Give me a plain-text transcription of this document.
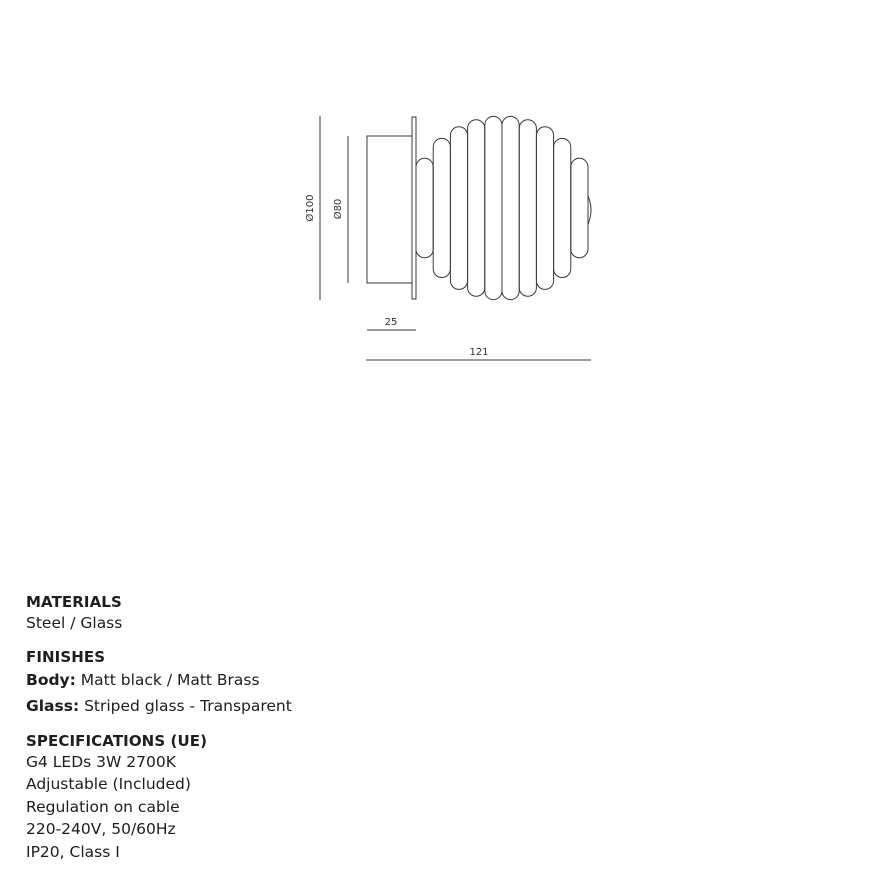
Ø100 Ø80
25
121

MATERIALS

Steel / Glass

FINISHES

Body: Matt black / Matt Brass

Glass: Striped glass - Transparent

SPECIFICATIONS (UE)

G4 LEDs 3W 2700K

Adjustable (Included)

Regulation on cable

220-240V, 50/60Hz

IP20, Class I
